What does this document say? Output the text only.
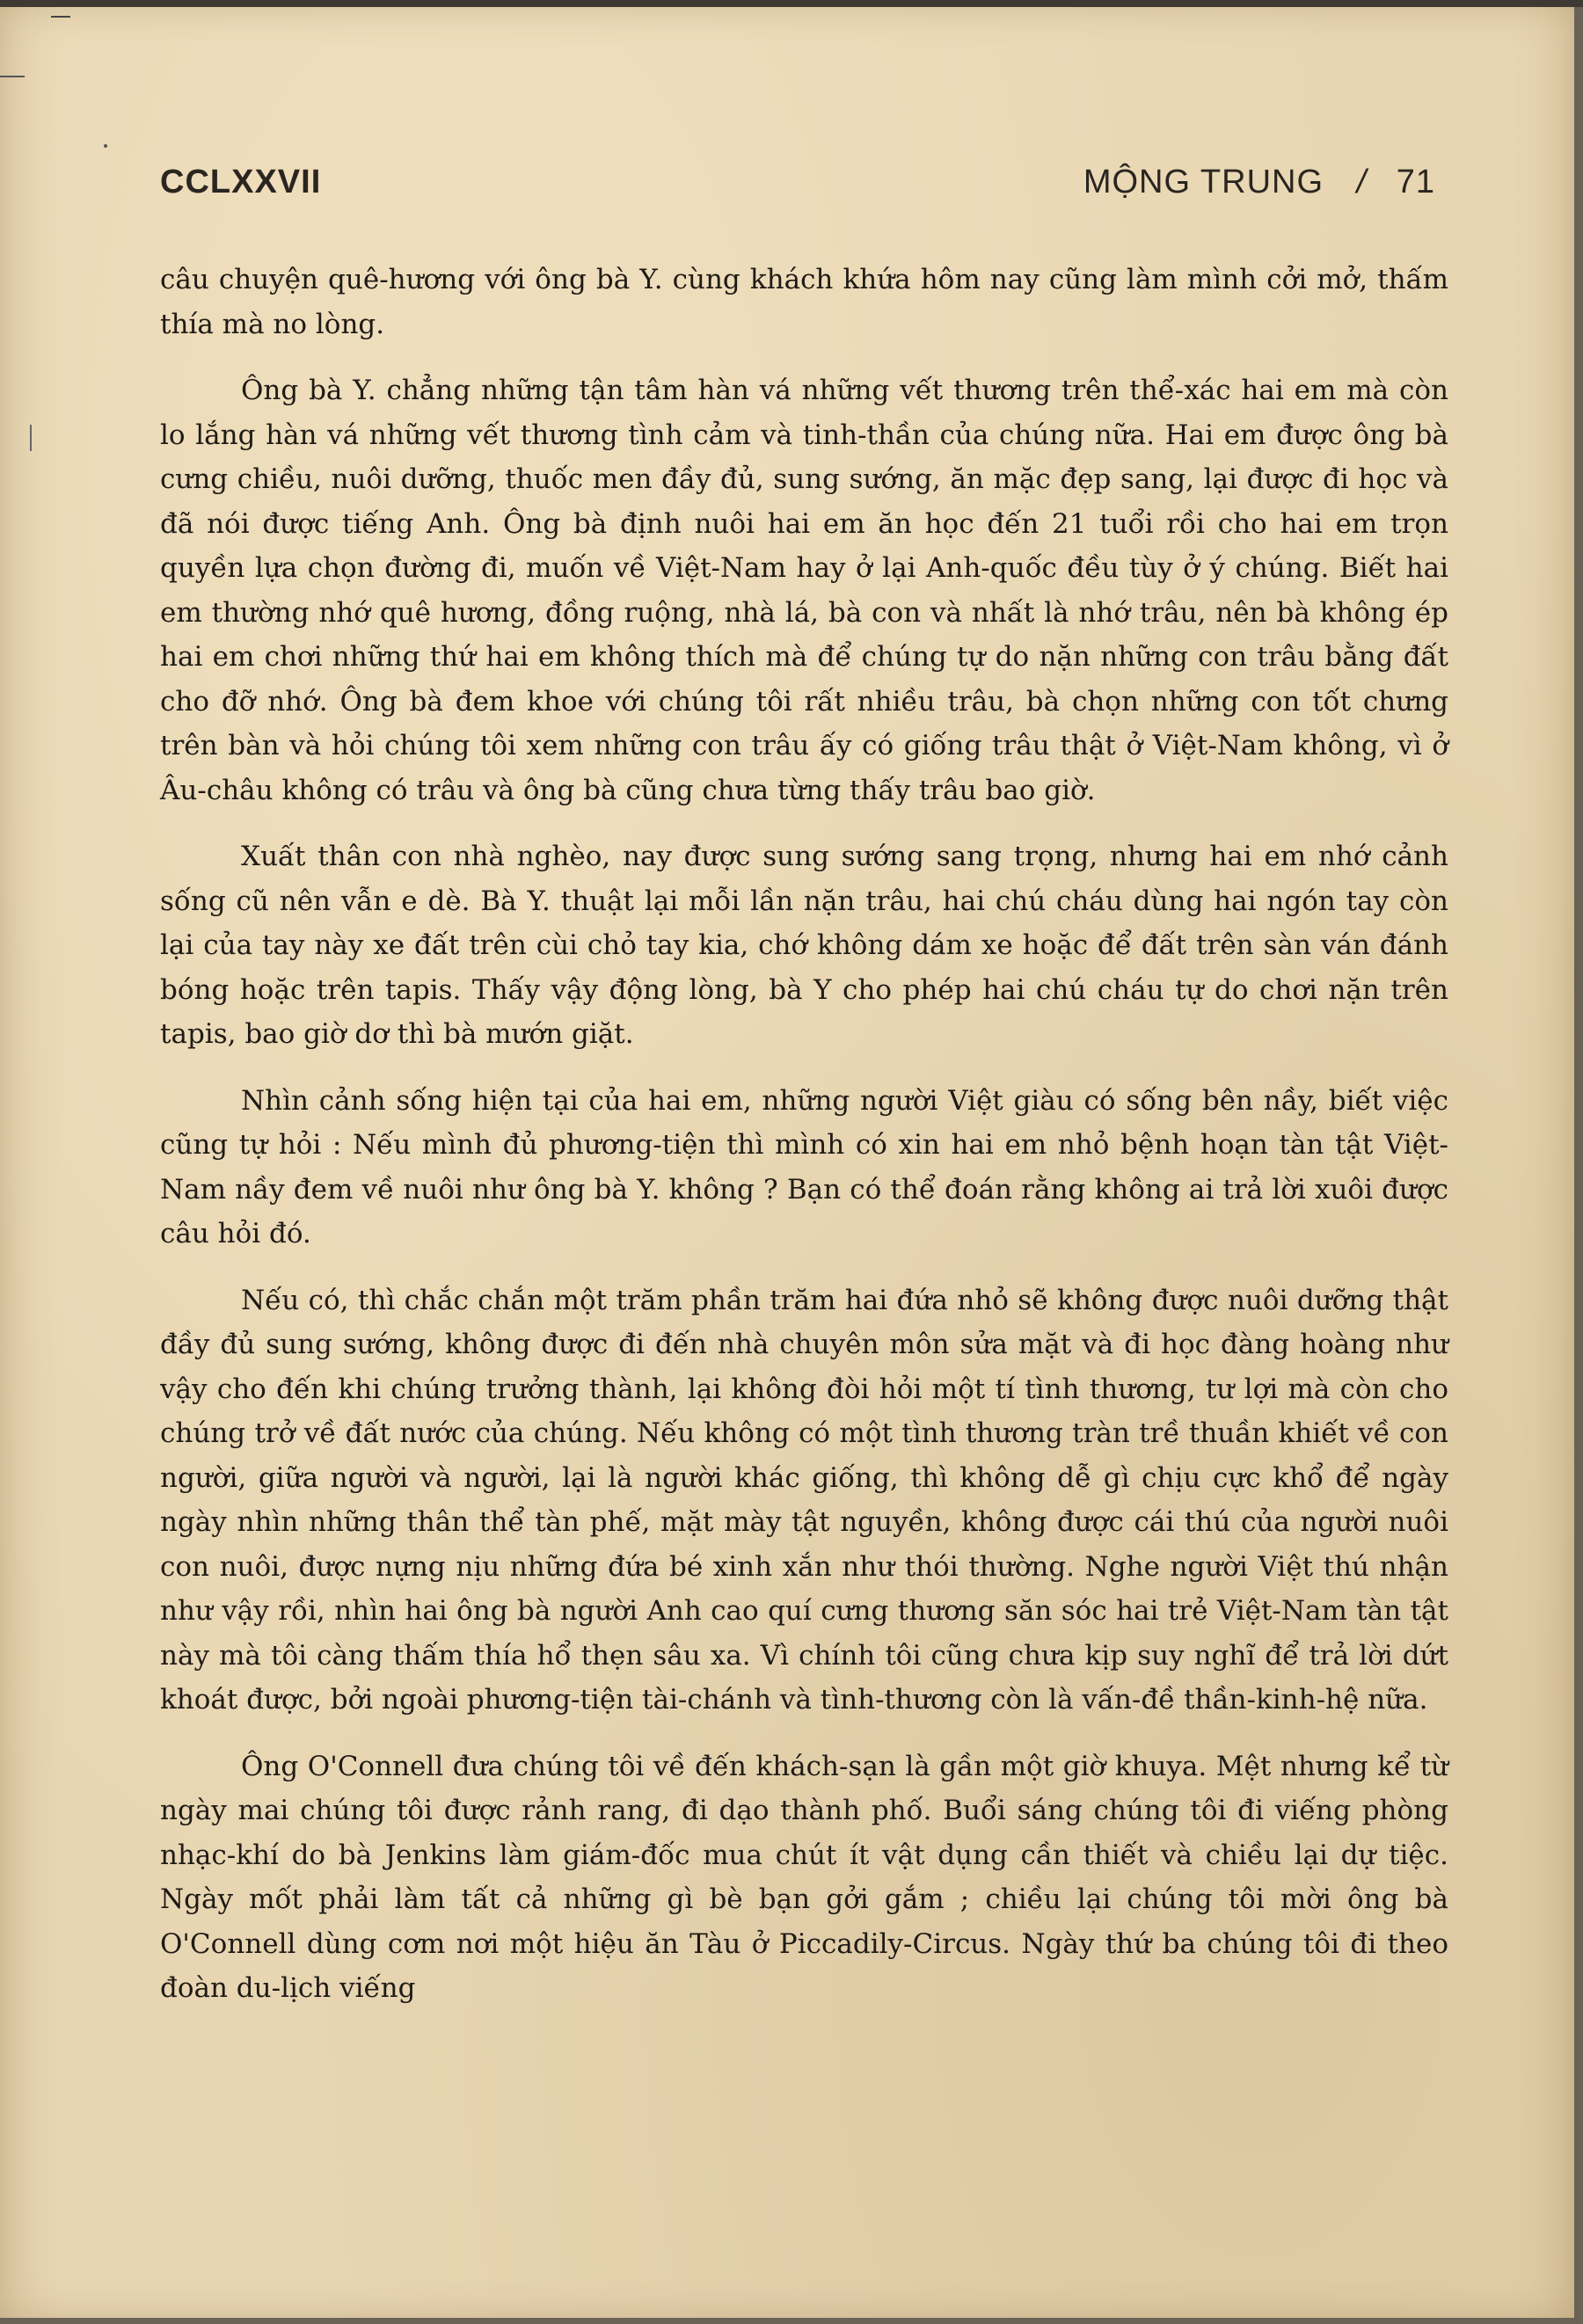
CCLXXVII	MỘNG TRUNG / 71

câu chuyện quê-hương với ông bà Y. cùng khách khứa hôm nay cũng làm mình cởi mở, thấm thía mà no lòng.

Ông bà Y. chẳng những tận tâm hàn vá những vết thương trên thể-xác hai em mà còn lo lắng hàn vá những vết thương tình cảm và tinh-thần của chúng nữa. Hai em được ông bà cưng chiều, nuôi dưỡng, thuốc men đầy đủ, sung sướng, ăn mặc đẹp sang, lại được đi học và đã nói được tiếng Anh. Ông bà định nuôi hai em ăn học đến 21 tuổi rồi cho hai em trọn quyền lựa chọn đường đi, muốn về Việt-Nam hay ở lại Anh-quốc đều tùy ở ý chúng. Biết hai em thường nhớ quê hương, đồng ruộng, nhà lá, bà con và nhất là nhớ trâu, nên bà không ép hai em chơi những thứ hai em không thích mà để chúng tự do nặn những con trâu bằng đất cho đỡ nhớ. Ông bà đem khoe với chúng tôi rất nhiều trâu, bà chọn những con tốt chưng trên bàn và hỏi chúng tôi xem những con trâu ấy có giống trâu thật ở Việt-Nam không, vì ở Âu-châu không có trâu và ông bà cũng chưa từng thấy trâu bao giờ.

Xuất thân con nhà nghèo, nay được sung sướng sang trọng, nhưng hai em nhớ cảnh sống cũ nên vẫn e dè. Bà Y. thuật lại mỗi lần nặn trâu, hai chú cháu dùng hai ngón tay còn lại của tay này xe đất trên cùi chỏ tay kia, chớ không dám xe hoặc để đất trên sàn ván đánh bóng hoặc trên tapis. Thấy vậy động lòng, bà Y cho phép hai chú cháu tự do chơi nặn trên tapis, bao giờ dơ thì bà mướn giặt.

Nhìn cảnh sống hiện tại của hai em, những người Việt giàu có sống bên nầy, biết việc cũng tự hỏi : Nếu mình đủ phương-tiện thì mình có xin hai em nhỏ bệnh hoạn tàn tật Việt-Nam nầy đem về nuôi như ông bà Y. không ? Bạn có thể đoán rằng không ai trả lời xuôi được câu hỏi đó.

Nếu có, thì chắc chắn một trăm phần trăm hai đứa nhỏ sẽ không được nuôi dưỡng thật đầy đủ sung sướng, không được đi đến nhà chuyên môn sửa mặt và đi học đàng hoàng như vậy cho đến khi chúng trưởng thành, lại không đòi hỏi một tí tình thương, tư lợi mà còn cho chúng trở về đất nước của chúng. Nếu không có một tình thương tràn trề thuần khiết về con người, giữa người và người, lại là người khác giống, thì không dễ gì chịu cực khổ để ngày ngày nhìn những thân thể tàn phế, mặt mày tật nguyền, không được cái thú của người nuôi con nuôi, được nựng nịu những đứa bé xinh xắn như thói thường. Nghe người Việt thú nhận như vậy rồi, nhìn hai ông bà người Anh cao quí cưng thương săn sóc hai trẻ Việt-Nam tàn tật này mà tôi càng thấm thía hổ thẹn sâu xa. Vì chính tôi cũng chưa kịp suy nghĩ để trả lời dứt khoát được, bởi ngoài phương-tiện tài-chánh và tình-thương còn là vấn-đề thần-kinh-hệ nữa.

Ông O'Connell đưa chúng tôi về đến khách-sạn là gần một giờ khuya. Mệt nhưng kể từ ngày mai chúng tôi được rảnh rang, đi dạo thành phố. Buổi sáng chúng tôi đi viếng phòng nhạc-khí do bà Jenkins làm giám-đốc mua chút ít vật dụng cần thiết và chiều lại dự tiệc. Ngày mốt phải làm tất cả những gì bè bạn gởi gắm ; chiều lại chúng tôi mời ông bà O'Connell dùng cơm nơi một hiệu ăn Tàu ở Piccadily-Circus. Ngày thứ ba chúng tôi đi theo đoàn du-lịch viếng
